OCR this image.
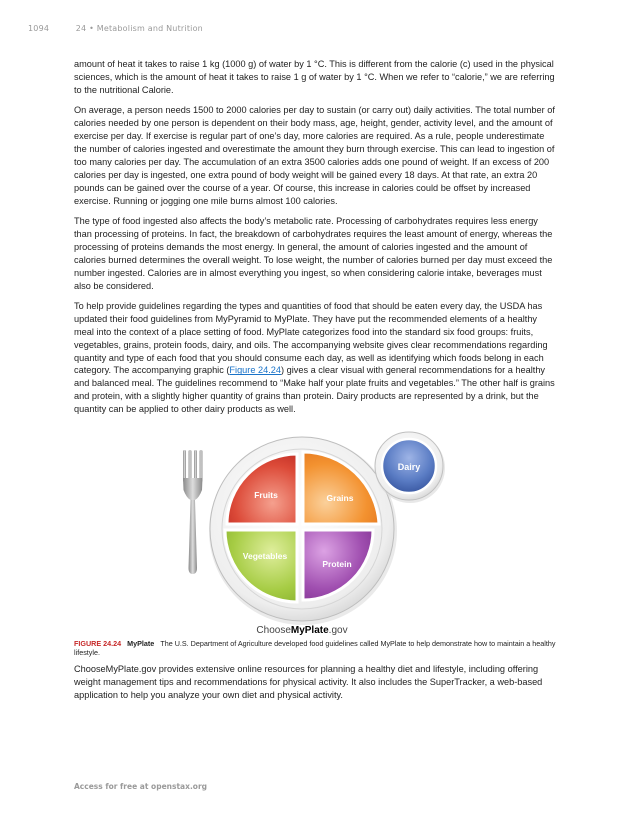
1094	24 • Metabolism and Nutrition

amount of heat it takes to raise 1 kg (1000 g) of water by 1 °C. This is different from the calorie (c) used in the physical sciences, which is the amount of heat it takes to raise 1 g of water by 1 °C. When we refer to “calorie,” we are referring to the nutritional Calorie.

On average, a person needs 1500 to 2000 calories per day to sustain (or carry out) daily activities. The total number of calories needed by one person is dependent on their body mass, age, height, gender, activity level, and the amount of exercise per day. If exercise is regular part of one’s day, more calories are required. As a rule, people underestimate the number of calories ingested and overestimate the amount they burn through exercise. This can lead to ingestion of too many calories per day. The accumulation of an extra 3500 calories adds one pound of weight. If an excess of 200 calories per day is ingested, one extra pound of body weight will be gained every 18 days. At that rate, an extra 20 pounds can be gained over the course of a year. Of course, this increase in calories could be offset by increased exercise. Running or jogging one mile burns almost 100 calories.

The type of food ingested also affects the body’s metabolic rate. Processing of carbohydrates requires less energy than processing of proteins. In fact, the breakdown of carbohydrates requires the least amount of energy, whereas the processing of proteins demands the most energy. In general, the amount of calories ingested and the amount of calories burned determines the overall weight. To lose weight, the number of calories burned per day must exceed the number ingested. Calories are in almost everything you ingest, so when considering calorie intake, beverages must also be considered.

To help provide guidelines regarding the types and quantities of food that should be eaten every day, the USDA has updated their food guidelines from MyPyramid to MyPlate. They have put the recommended elements of a healthy meal into the context of a place setting of food. MyPlate categorizes food into the standard six food groups: fruits, vegetables, grains, protein foods, dairy, and oils. The accompanying website gives clear recommendations regarding quantity and type of each food that you should consume each day, as well as identifying which foods belong in each category. The accompanying graphic (Figure 24.24) gives a clear visual with general recommendations for a healthy and balanced meal. The guidelines recommend to “Make half your plate fruits and vegetables.” The other half is grains and protein, with a slightly higher quantity of grains than protein. Dairy products are represented by a drink, but the quantity can be applied to other dairy products as well.

Fruits	Grains
Vegetables
Protein
Dairy
ChooseMyPlate.gov
FIGURE 24.24 MyPlate The U.S. Department of Agriculture developed food guidelines called MyPlate to help demonstrate how to maintain a healthy lifestyle.

ChooseMyPlate.gov provides extensive online resources for planning a healthy diet and lifestyle, including offering weight management tips and recommendations for physical activity. It also includes the SuperTracker, a web-based application to help you analyze your own diet and physical activity.

Access for free at openstax.org
